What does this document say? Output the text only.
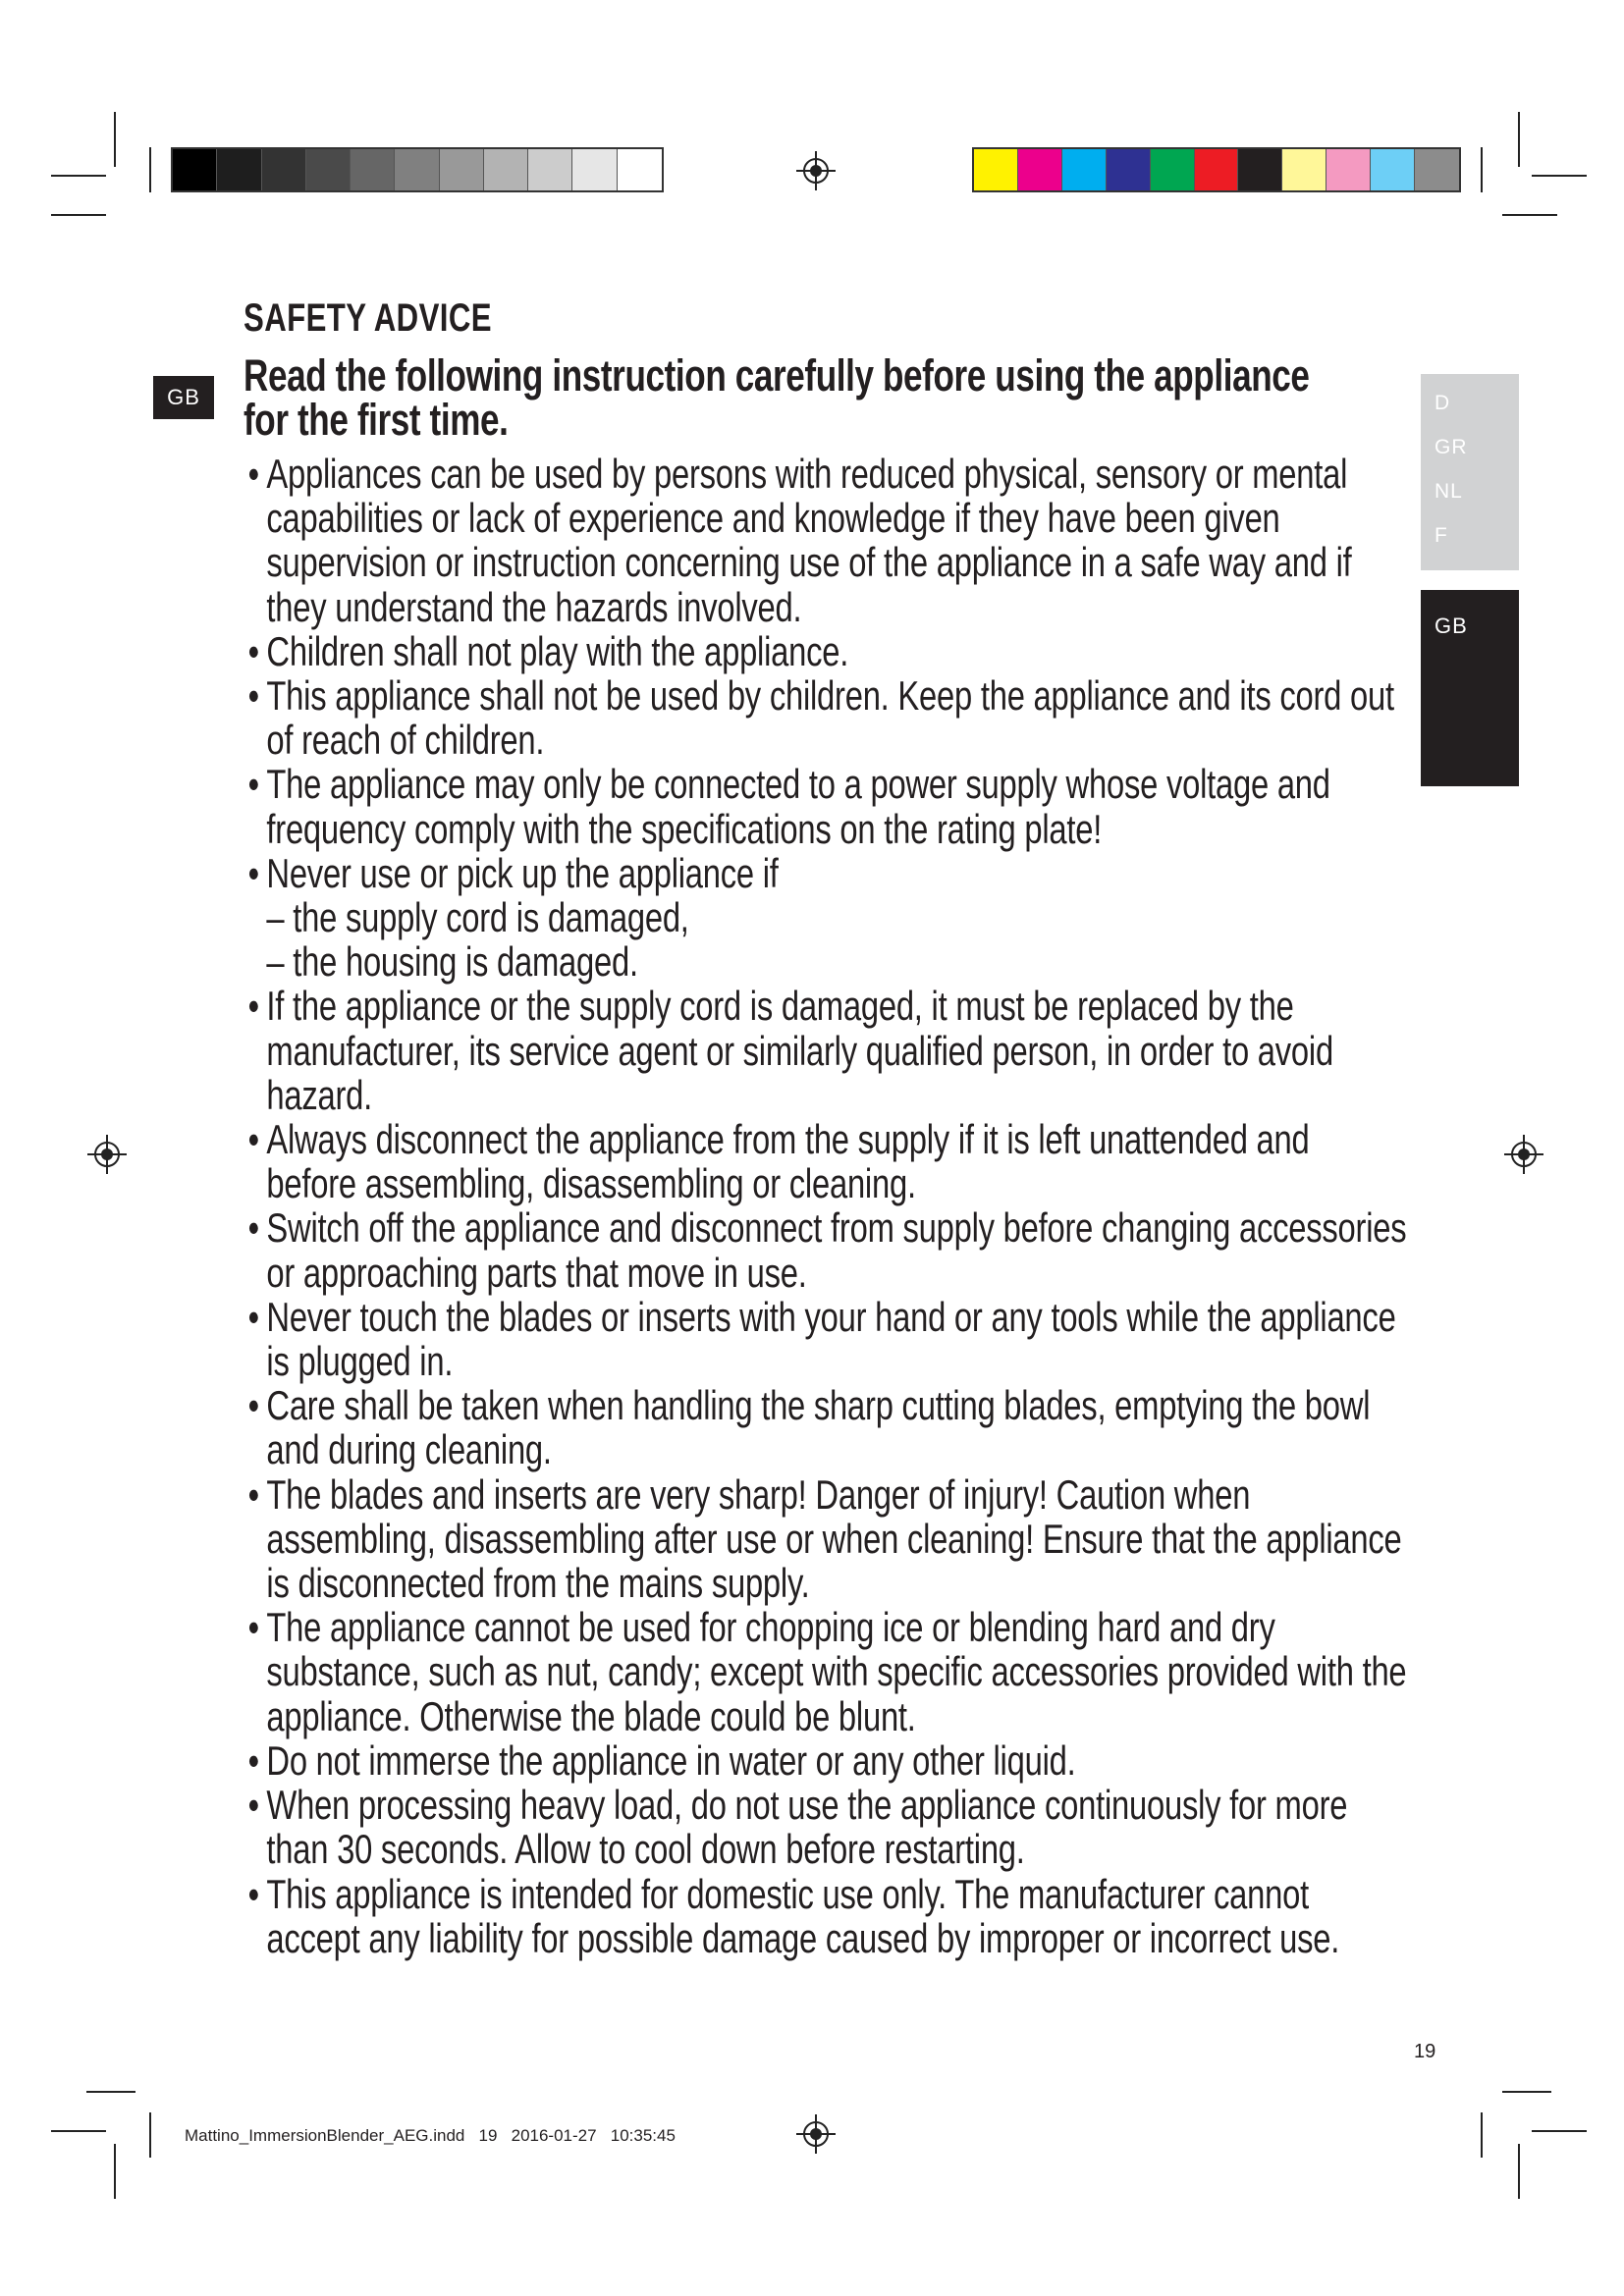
GB	D
GR
NL
F
GB
SAFETY ADVICE
Read the following instruction carefully before using the appliance for the first time.
• Appliances can be used by persons with reduced physical, sensory or mental capabilities or lack of experience and knowledge if they have been given supervision or instruction concerning use of the appliance in a safe way and if they understand the hazards involved.
• Children shall not play with the appliance.
• This appliance shall not be used by children. Keep the appliance and its cord out of reach of children.
• The appliance may only be connected to a power supply whose voltage and frequency comply with the specifications on the rating plate!
• Never use or pick up the appliance if
– the supply cord is damaged,
– the housing is damaged.
• If the appliance or the supply cord is damaged, it must be replaced by the manufacturer, its service agent or similarly qualified person, in order to avoid hazard.
• Always disconnect the appliance from the supply if it is left unattended and before assembling, disassembling or cleaning.
• Switch off the appliance and disconnect from supply before changing accessories or approaching parts that move in use.
• Never touch the blades or inserts with your hand or any tools while the appliance is plugged in.
• Care shall be taken when handling the sharp cutting blades, emptying the bowl and during cleaning.
• The blades and inserts are very sharp! Danger of injury! Caution when assembling, disassembling after use or when cleaning! Ensure that the appliance is disconnected from the mains supply.
• The appliance cannot be used for chopping ice or blending hard and dry substance, such as nut, candy; except with specific accessories provided with the appliance. Otherwise the blade could be blunt.
• Do not immerse the appliance in water or any other liquid.
• When processing heavy load, do not use the appliance continuously for more than 30 seconds. Allow to cool down before restarting.
• This appliance is intended for domestic use only. The manufacturer cannot accept any liability for possible damage caused by improper or incorrect use.
19
Mattino_ImmersionBlender_AEG.indd   19   2016-01-27   10:35:45
